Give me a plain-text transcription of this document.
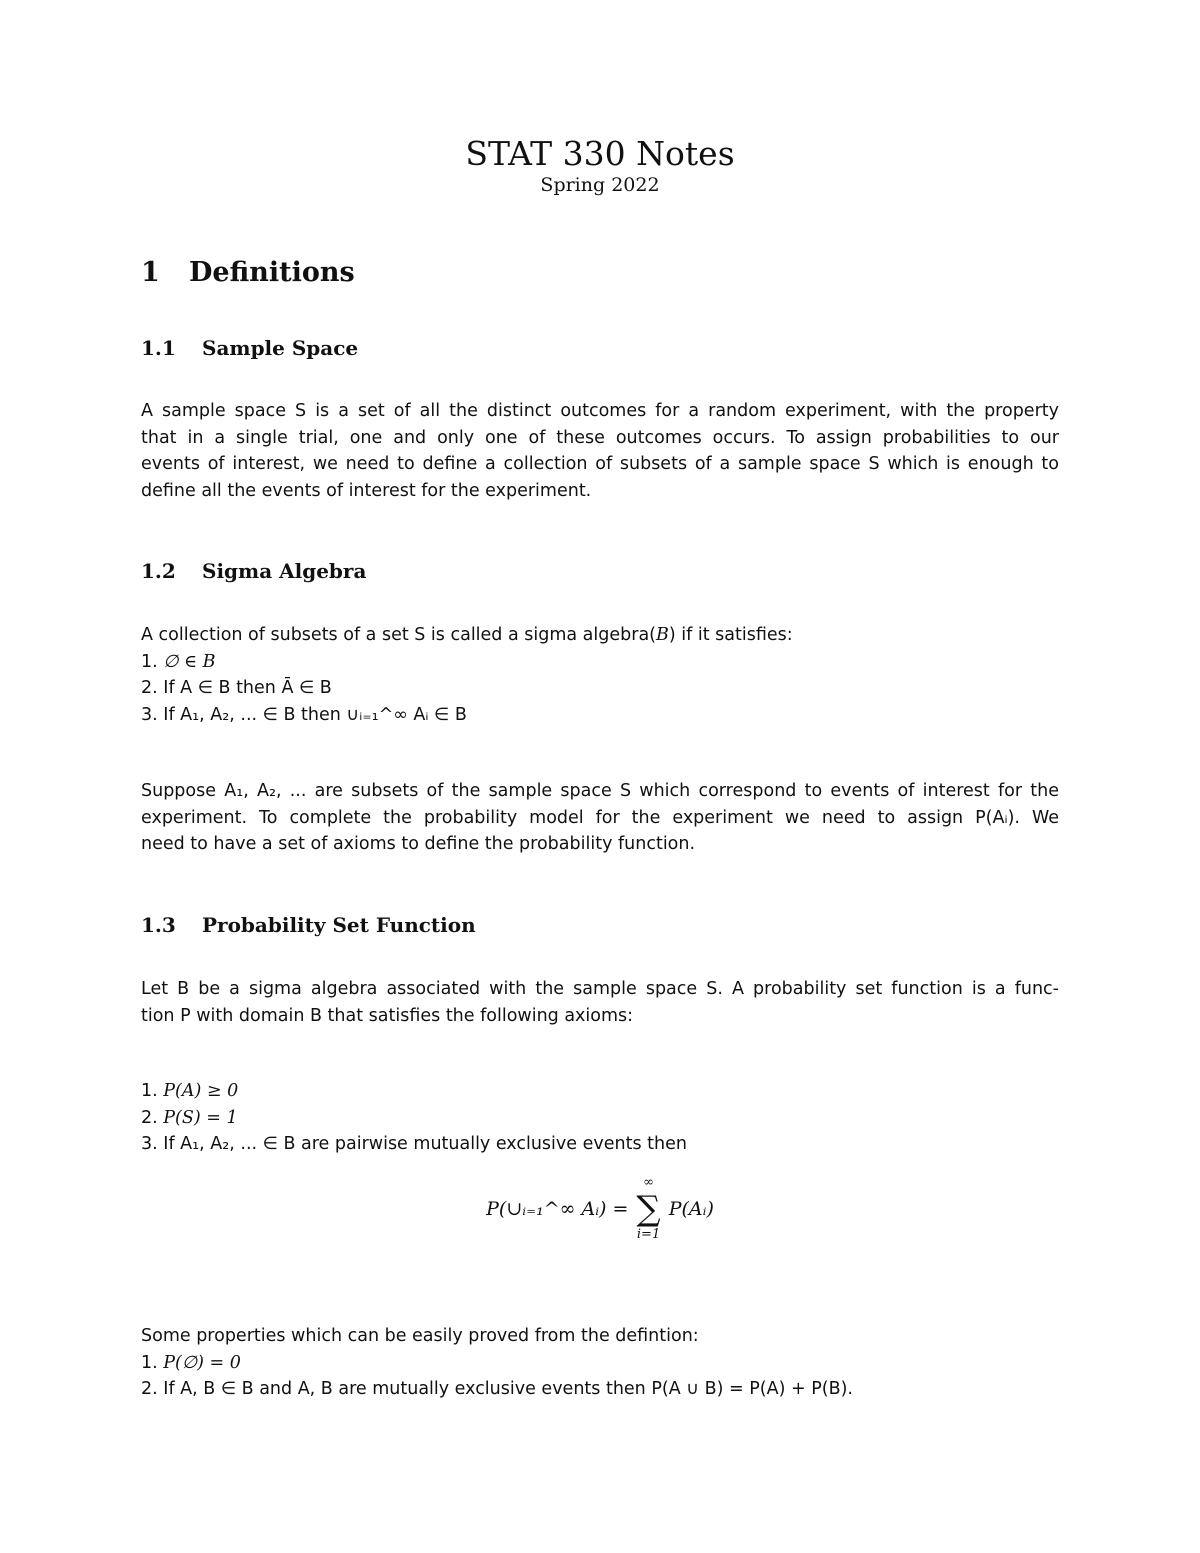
STAT 330 Notes
Spring 2022
1 Definitions
1.1 Sample Space
A sample space S is a set of all the distinct outcomes for a random experiment, with the property
that in a single trial, one and only one of these outcomes occurs. To assign probabilities to our
events of interest, we need to define a collection of subsets of a sample space S which is enough to
define all the events of interest for the experiment.
1.2 Sigma Algebra
A collection of subsets of a set S is called a sigma algebra(B) if it satisfies:
1. ∅ ∈ B
2. If A ∈ B then Ā ∈ B
3. If A₁, A₂, ... ∈ B then ∪ᵢ₌₁^∞ Aᵢ ∈ B
Suppose A₁, A₂, ... are subsets of the sample space S which correspond to events of interest for the
experiment. To complete the probability model for the experiment we need to assign P(Aᵢ). We
need to have a set of axioms to define the probability function.
1.3 Probability Set Function
Let B be a sigma algebra associated with the sample space S. A probability set function is a func-
tion P with domain B that satisfies the following axioms:
1. P(A) ≥ 0
2. P(S) = 1
3. If A₁, A₂, ... ∈ B are pairwise mutually exclusive events then
P(∪ᵢ₌₁^∞ Aᵢ) =
∞
∑
i=1
P(Aᵢ)
Some properties which can be easily proved from the defintion:
1. P(∅) = 0
2. If A, B ∈ B and A, B are mutually exclusive events then P(A ∪ B) = P(A) + P(B).
